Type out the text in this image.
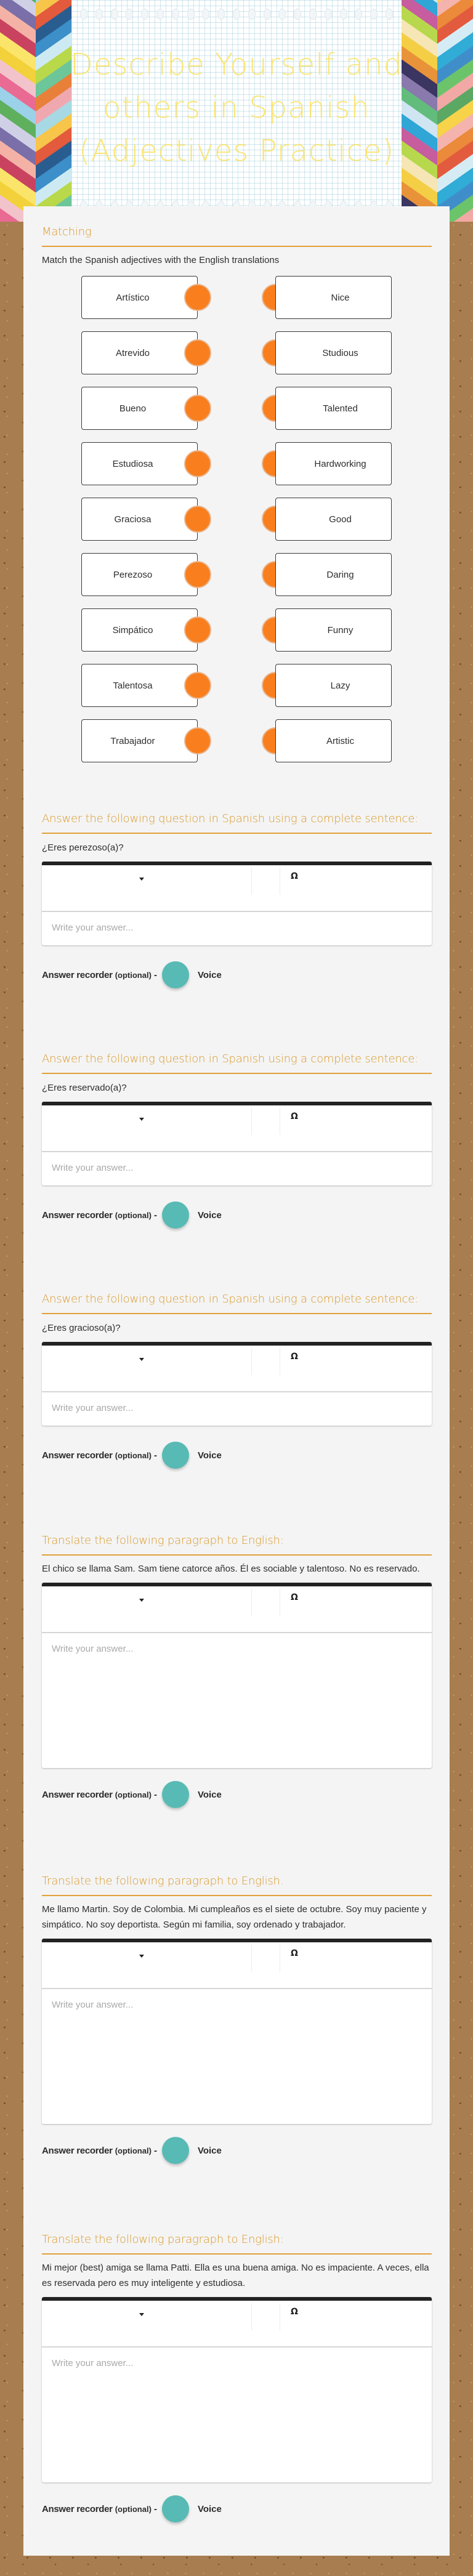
Describe Yourself and others in Spanish (Adjectives Practice)
Matching
Match the Spanish adjectives with the English translations
Artístico	Nice
Atrevido	Studious
Bueno	Talented
Estudiosa	Hardworking
Graciosa	Good
Perezoso	Daring
Simpático	Funny
Talentosa	Lazy
Trabajador	Artistic
Answer the following question in Spanish using a complete sentence:
¿Eres perezoso(a)?
Ω
Write your answer...
Answer recorder (optional) -	Voice
Answer the following question in Spanish using a complete sentence:
¿Eres reservado(a)?
Ω
Write your answer...
Answer recorder (optional) -	Voice
Answer the following question in Spanish using a complete sentence:
¿Eres gracioso(a)?
Ω
Write your answer...
Answer recorder (optional) -	Voice
Translate the following paragraph to English:
El chico se llama Sam. Sam tiene catorce años. Él es sociable y talentoso. No es reservado.
Ω
Write your answer...
Answer recorder (optional) -	Voice
Translate the following paragraph to English.
Me llamo Martin. Soy de Colombia. Mi cumpleaños es el siete de octubre. Soy muy paciente y simpático. No soy deportista. Según mi familia, soy ordenado y trabajador.
Ω
Write your answer...
Answer recorder (optional) -	Voice
Translate the following paragraph to English:
Mi mejor (best) amiga se llama Patti. Ella es una buena amiga. No es impaciente. A veces, ella es reservada pero es muy inteligente y estudiosa.
Ω
Write your answer...
Answer recorder (optional) -	Voice
